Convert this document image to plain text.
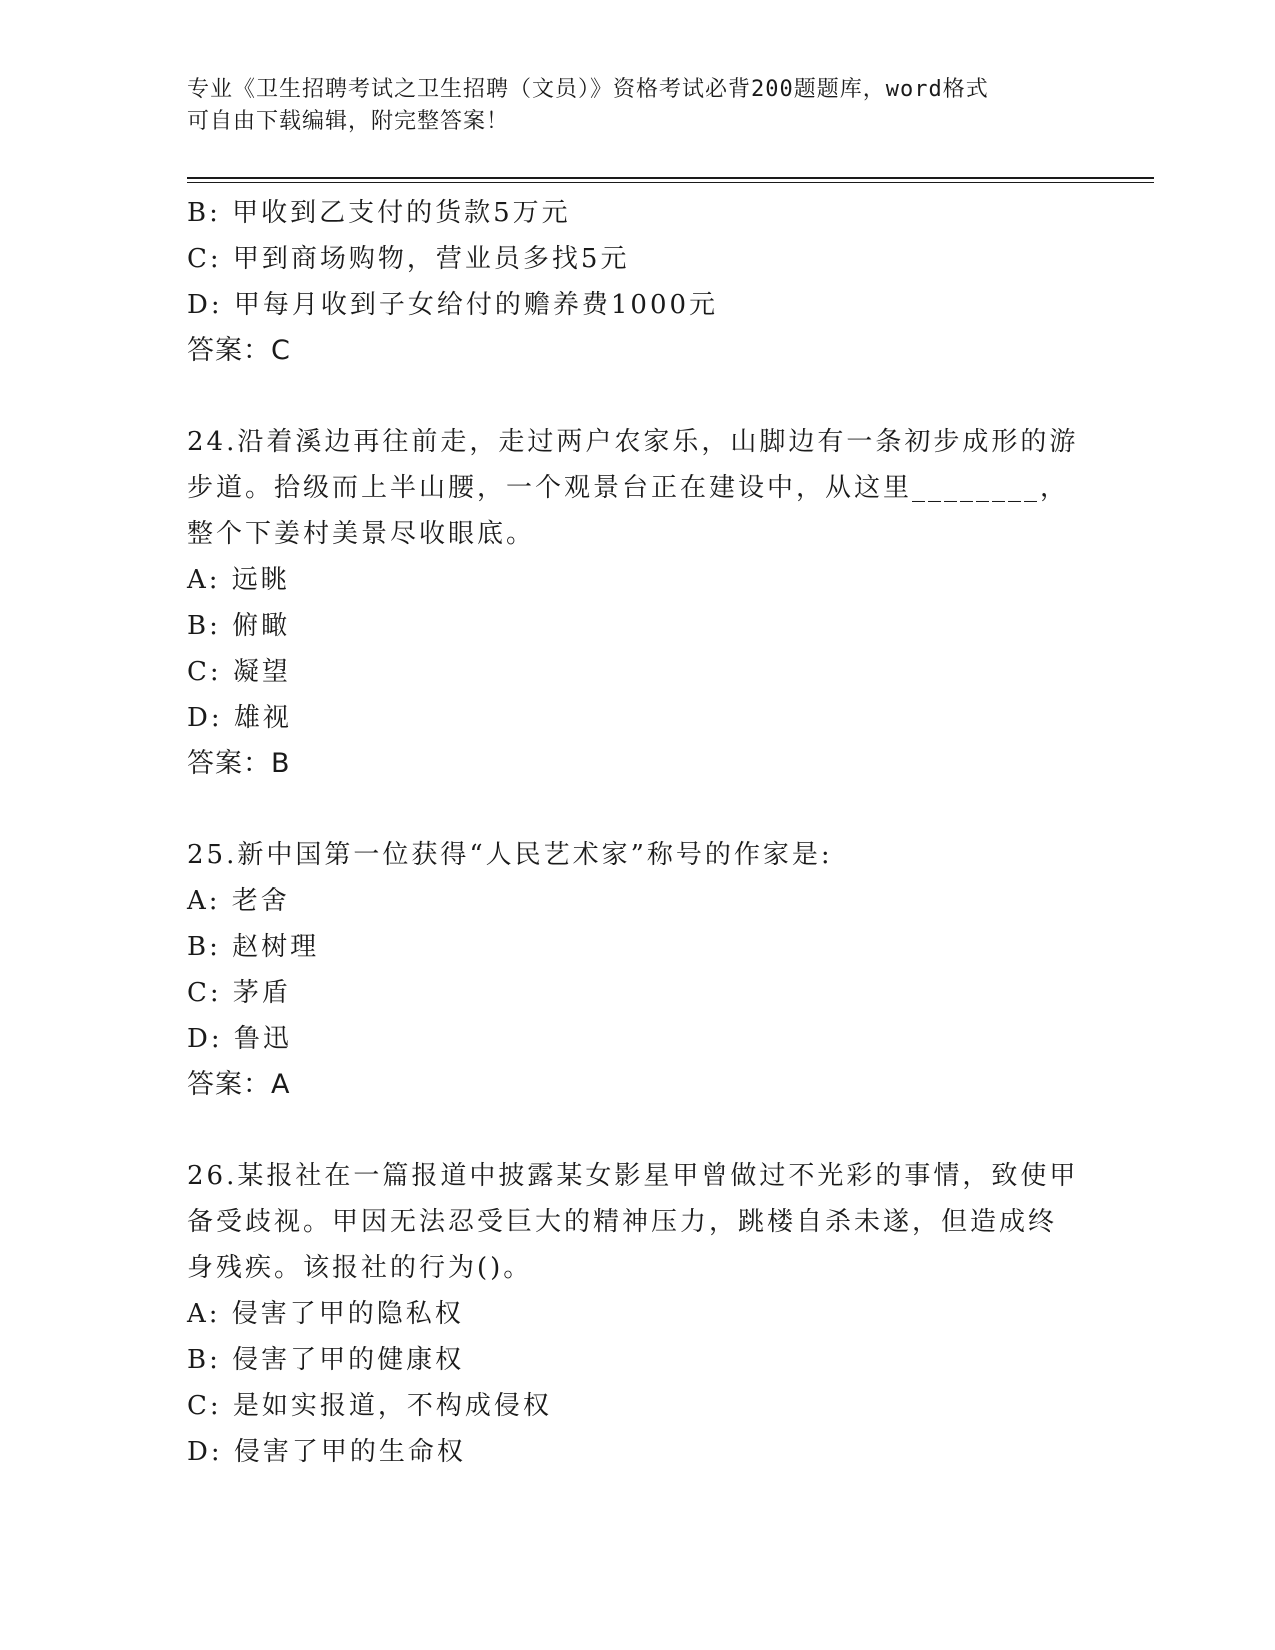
专业《卫生招聘考试之卫生招聘（文员）》资格考试必背200题题库，word格式
可自由下载编辑，附完整答案！
B: 甲收到乙支付的货款5万元
C: 甲到商场购物，营业员多找5元
D: 甲每月收到子女给付的赡养费1000元
答案：C
24.沿着溪边再往前走，走过两户农家乐，山脚边有一条初步成形的游
步道。拾级而上半山腰，一个观景台正在建设中，从这里________，
整个下姜村美景尽收眼底。
A: 远眺
B: 俯瞰
C: 凝望
D: 雄视
答案：B
25.新中国第一位获得“人民艺术家”称号的作家是:
A: 老舍
B: 赵树理
C: 茅盾
D: 鲁迅
答案：A
26.某报社在一篇报道中披露某女影星甲曾做过不光彩的事情，致使甲
备受歧视。甲因无法忍受巨大的精神压力，跳楼自杀未遂，但造成终
身残疾。该报社的行为()。
A: 侵害了甲的隐私权
B: 侵害了甲的健康权
C: 是如实报道，不构成侵权
D: 侵害了甲的生命权
